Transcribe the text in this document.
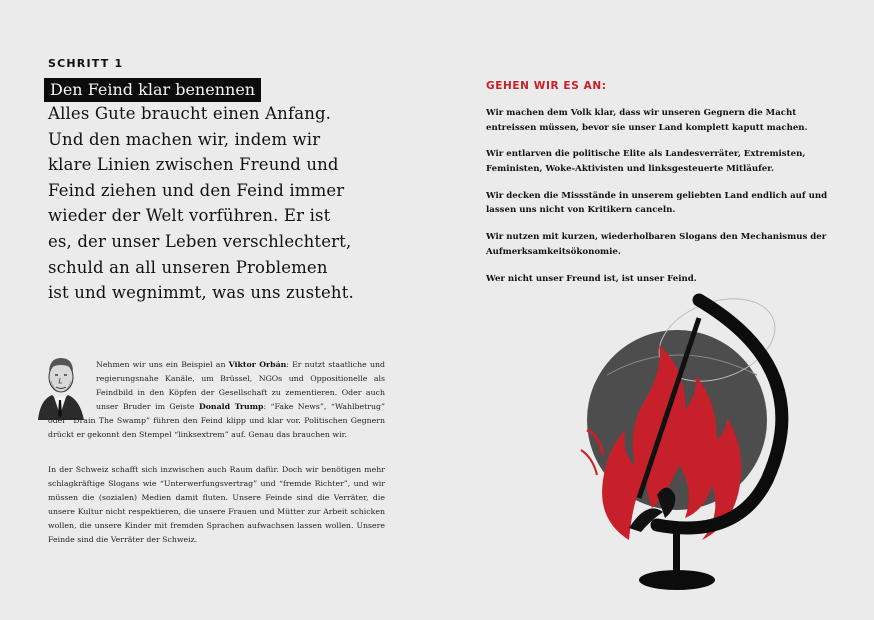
SCHRITT 1
Den Feind klar benennen
Alles Gute braucht einen Anfang.
Und den machen wir, indem wir
klare Linien zwischen Freund und
Feind ziehen und den Feind immer
wieder der Welt vorführen. Er ist
es, der unser Leben verschlechtert,
schuld an all unseren Problemen
ist und wegnimmt, was uns zusteht.
Nehmen wir uns ein Beispiel an Viktor Orbán: Er nutzt staatliche und regierungsnahe Kanäle, um Brüssel, NGOs und Oppositionelle als Feindbild in den Köpfen der Gesellschaft zu zementieren. Oder auch unser Bruder im Geiste Donald Trump: “Fake News”, “Wahlbetrug” oder “Drain The Swamp” führen den Feind klipp und klar vor. Politischen Gegnern drückt er gekonnt den Stempel “linksextrem” auf. Genau das brauchen wir.
In der Schweiz schafft sich inzwischen auch Raum dafür. Doch wir benötigen mehr schlagkräftige Slogans wie “Unterwerfungsvertrag” und “fremde Richter”, und wir müssen die (sozialen) Medien damit fluten. Unsere Feinde sind die Verräter, die unsere Kultur nicht respektieren, die unsere Frauen und Mütter zur Arbeit schicken wollen, die unsere Kinder mit fremden Sprachen aufwachsen lassen wollen. Unsere Feinde sind die Verräter der Schweiz.
GEHEN WIR ES AN:
Wir machen dem Volk klar, dass wir unseren Gegnern die Macht entreissen müssen, bevor sie unser Land komplett kaputt machen.
Wir entlarven die politische Elite als Landesverräter, Extremisten, Feministen, Woke-Aktivisten und linksgesteuerte Mitläufer.
Wir decken die Missstände in unserem geliebten Land endlich auf und lassen uns nicht von Kritikern canceln.
Wir nutzen mit kurzen, wiederholbaren Slogans den Mechanismus der Aufmerksamkeitsökonomie.
Wer nicht unser Freund ist, ist unser Feind.
